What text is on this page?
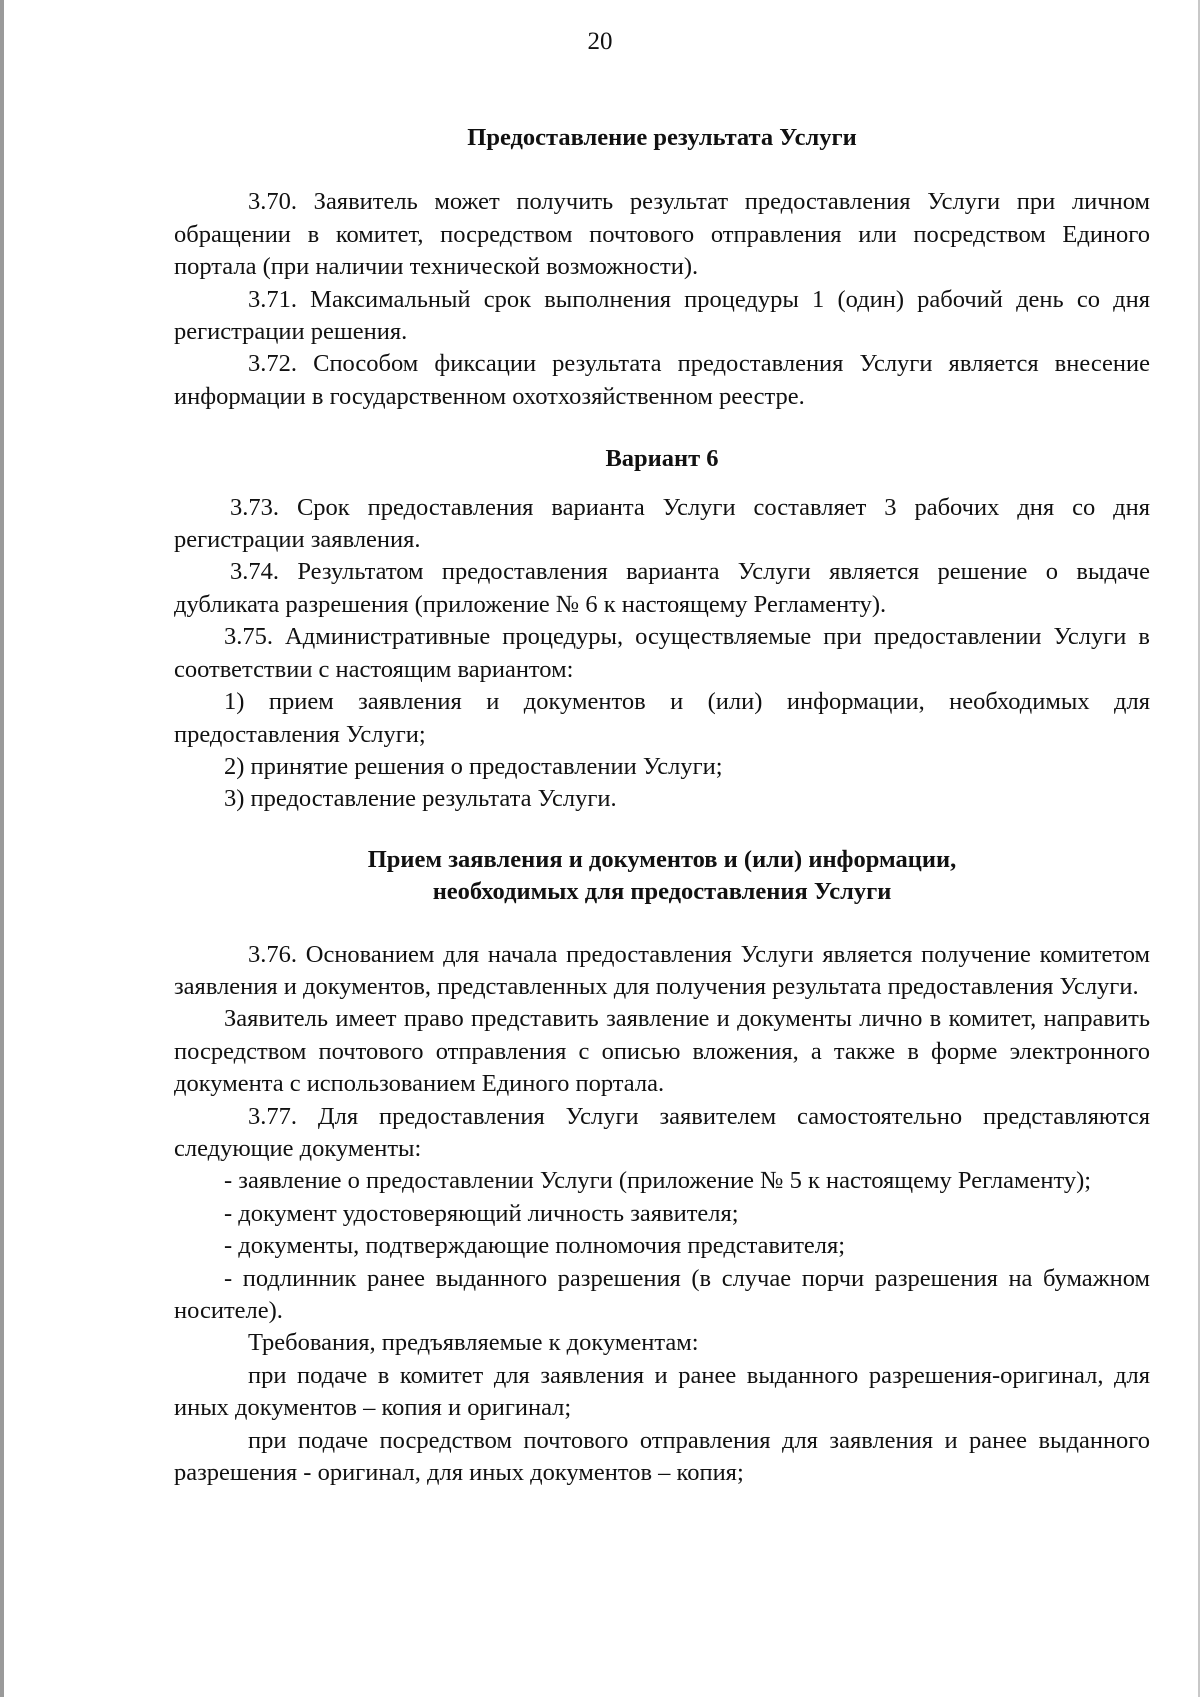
20

Предоставление результата Услуги

3.70. Заявитель может получить результат предоставления Услуги при личном обращении в комитет, посредством почтового отправления или посредством Единого портала (при наличии технической возможности).

3.71. Максимальный срок выполнения процедуры 1 (один) рабочий день со дня регистрации решения.

3.72. Способом фиксации результата предоставления Услуги является внесение информации в государственном охотхозяйственном реестре.

Вариант 6

3.73. Срок предоставления варианта Услуги составляет 3 рабочих дня со дня регистрации заявления.

3.74. Результатом предоставления варианта Услуги является решение о выдаче дубликата разрешения (приложение № 6 к настоящему Регламенту).

3.75. Административные процедуры, осуществляемые при предоставлении Услуги в соответствии с настоящим вариантом:

1) прием заявления и документов и (или) информации, необходимых для предоставления Услуги;

2) принятие решения о предоставлении Услуги;

3) предоставление результата Услуги.

Прием заявления и документов и (или) информации,

необходимых для предоставления Услуги

3.76. Основанием для начала предоставления Услуги является получение комитетом заявления и документов, представленных для получения результата предоставления Услуги.

Заявитель имеет право представить заявление и документы лично в комитет, направить посредством почтового отправления с описью вложения, а также в форме электронного документа с использованием Единого портала.

3.77. Для предоставления Услуги заявителем самостоятельно представляются следующие документы:

- заявление о предоставлении Услуги (приложение № 5 к настоящему Регламенту);

- документ удостоверяющий личность заявителя;

- документы, подтверждающие полномочия представителя;

- подлинник ранее выданного разрешения (в случае порчи разрешения на бумажном носителе).

Требования, предъявляемые к документам:

при подаче в комитет для заявления и ранее выданного разрешения-оригинал, для иных документов – копия и оригинал;

при подаче посредством почтового отправления для заявления и ранее выданного разрешения - оригинал, для иных документов – копия;
